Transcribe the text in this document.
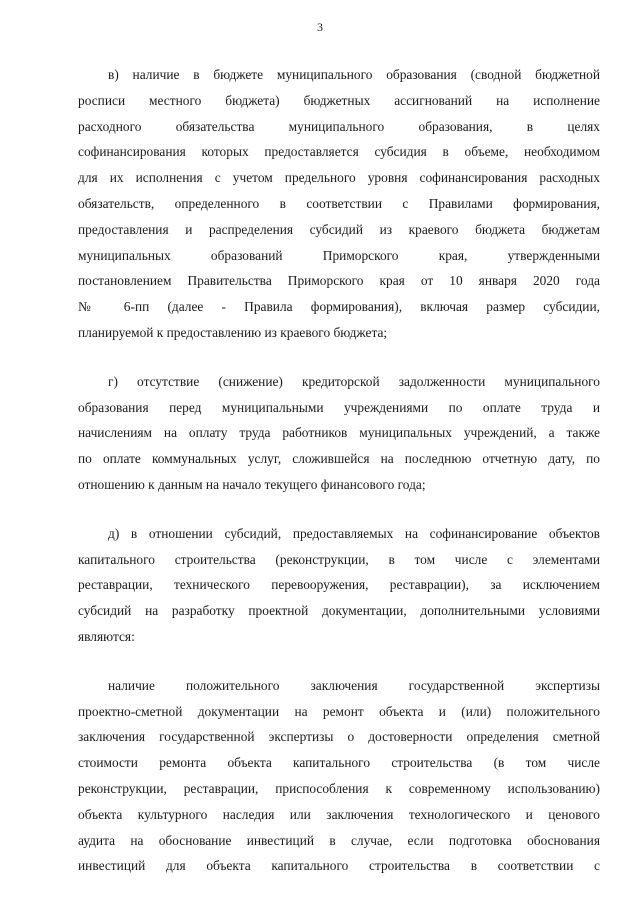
3

в) наличие в бюджете муниципального образования (сводной бюджетной
росписи местного бюджета) бюджетных ассигнований на исполнение
расходного обязательства муниципального образования, в целях
софинансирования которых предоставляется субсидия в объеме, необходимом
для их исполнения с учетом предельного уровня софинансирования расходных
обязательств, определенного в соответствии с Правилами формирования,
предоставления и распределения субсидий из краевого бюджета бюджетам
муниципальных образований Приморского края, утвержденными
постановлением Правительства Приморского края от 10 января 2020 года
№ 6-пп (далее - Правила формирования), включая размер субсидии,
планируемой к предоставлению из краевого бюджета;

г) отсутствие (снижение) кредиторской задолженности муниципального
образования перед муниципальными учреждениями по оплате труда и
начислениям на оплату труда работников муниципальных учреждений, а также
по оплате коммунальных услуг, сложившейся на последнюю отчетную дату, по
отношению к данным на начало текущего финансового года;

д) в отношении субсидий, предоставляемых на софинансирование объектов
капитального строительства (реконструкции, в том числе с элементами
реставрации, технического перевооружения, реставрации), за исключением
субсидий на разработку проектной документации, дополнительными условиями
являются:

наличие положительного заключения государственной экспертизы
проектно-сметной документации на ремонт объекта и (или) положительного
заключения государственной экспертизы о достоверности определения сметной
стоимости ремонта объекта капитального строительства (в том числе
реконструкции, реставрации, приспособления к современному использованию)
объекта культурного наследия или заключения технологического и ценового
аудита на обоснование инвестиций в случае, если подготовка обоснования
инвестиций для объекта капитального строительства в соответствии с
